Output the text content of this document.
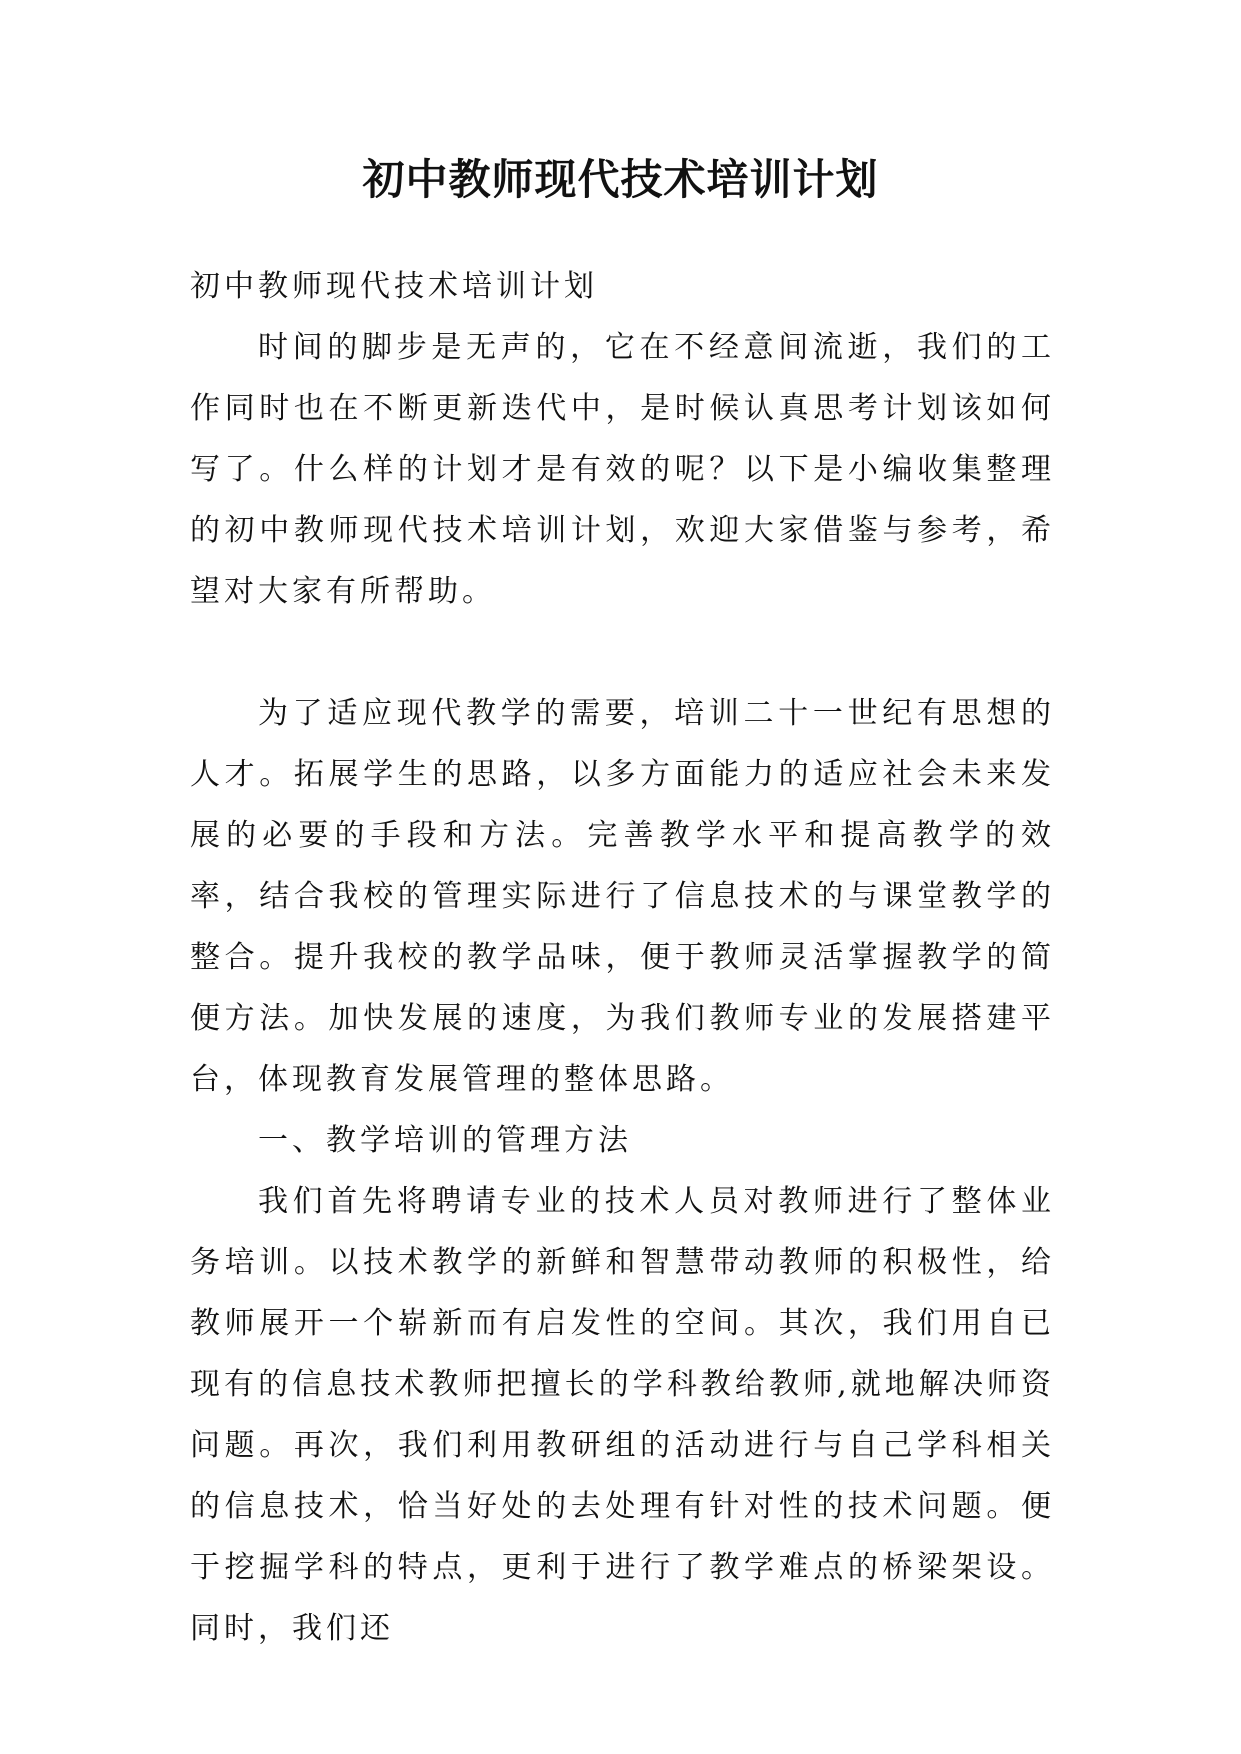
初中教师现代技术培训计划

初中教师现代技术培训计划

时间的脚步是无声的，它在不经意间流逝，我们的工作同时也在不断更新迭代中，是时候认真思考计划该如何写了。什么样的计划才是有效的呢？以下是小编收集整理的初中教师现代技术培训计划，欢迎大家借鉴与参考，希望对大家有所帮助。

为了适应现代教学的需要，培训二十一世纪有思想的人才。拓展学生的思路，以多方面能力的适应社会未来发展的必要的手段和方法。完善教学水平和提高教学的效率，结合我校的管理实际进行了信息技术的与课堂教学的整合。提升我校的教学品味，便于教师灵活掌握教学的简便方法。加快发展的速度，为我们教师专业的发展搭建平台，体现教育发展管理的整体思路。

一、教学培训的管理方法

我们首先将聘请专业的技术人员对教师进行了整体业务培训。以技术教学的新鲜和智慧带动教师的积极性，给教师展开一个崭新而有启发性的空间。其次，我们用自已现有的信息技术教师把擅长的学科教给教师,就地解决师资问题。再次，我们利用教研组的活动进行与自己学科相关的信息技术，恰当好处的去处理有针对性的技术问题。便于挖掘学科的特点，更利于进行了教学难点的桥梁架设。同时，我们还
